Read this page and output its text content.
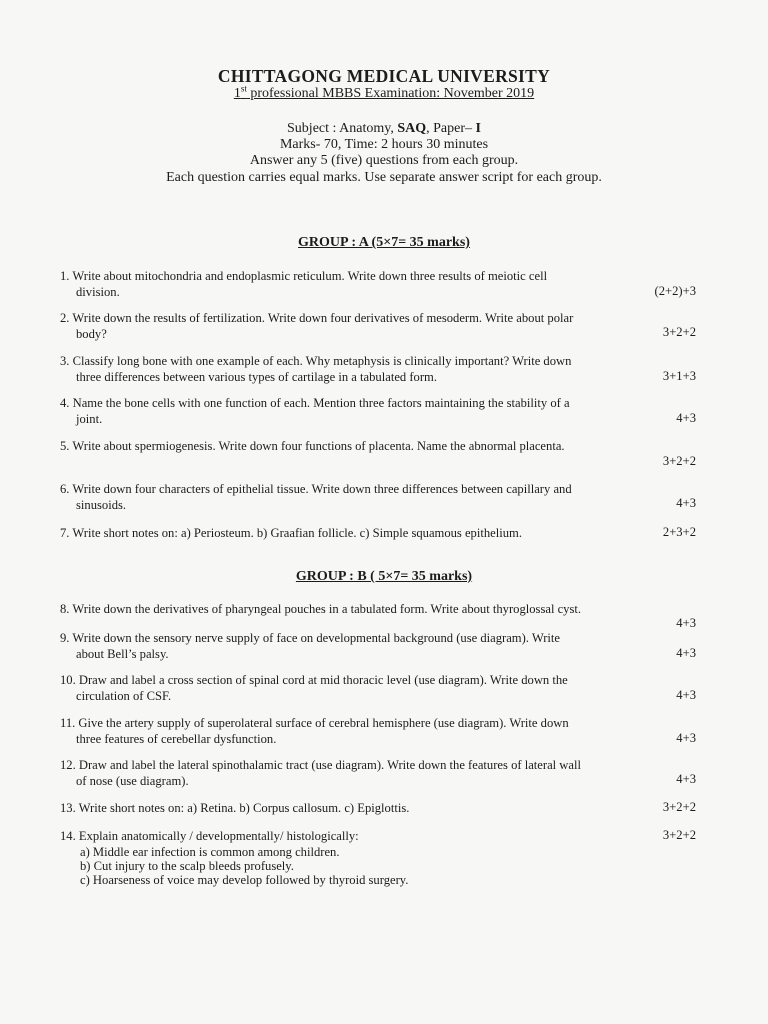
CHITTAGONG MEDICAL UNIVERSITY
1st professional MBBS Examination: November 2019
Subject : Anatomy, SAQ, Paper– I
Marks- 70, Time: 2 hours 30 minutes
Answer any 5 (five) questions from each group.
Each question carries equal marks. Use separate answer script for each group.
GROUP : A (5×7= 35 marks)
1. Write about mitochondria and endoplasmic reticulum. Write down three results of meiotic cell
division.	(2+2)+3
2. Write down the results of fertilization. Write down four derivatives of mesoderm. Write about polar
body?	3+2+2
3. Classify long bone with one example of each. Why metaphysis is clinically important? Write down
three differences between various types of cartilage in a tabulated form.	3+1+3
4. Name the bone cells with one function of each. Mention three factors maintaining the stability of a
joint.	4+3
5. Write about spermiogenesis. Write down four functions of placenta. Name the abnormal placenta.
3+2+2
6. Write down four characters of epithelial tissue. Write down three differences between capillary and
sinusoids.	4+3
7. Write short notes on: a) Periosteum. b) Graafian follicle. c) Simple squamous epithelium.	2+3+2
GROUP : B ( 5×7= 35 marks)
8. Write down the derivatives of pharyngeal pouches in a tabulated form. Write about thyroglossal cyst.
4+3
9. Write down the sensory nerve supply of face on developmental background (use diagram). Write
about Bell’s palsy.	4+3
10. Draw and label a cross section of spinal cord at mid thoracic level (use diagram). Write down the
circulation of CSF.	4+3
11. Give the artery supply of superolateral surface of cerebral hemisphere (use diagram). Write down
three features of cerebellar dysfunction.	4+3
12. Draw and label the lateral spinothalamic tract (use diagram). Write down the features of lateral wall
of nose (use diagram).	4+3
13. Write short notes on: a) Retina. b) Corpus callosum. c) Epiglottis.	3+2+2
14. Explain anatomically / developmentally/ histologically:	3+2+2
a) Middle ear infection is common among children.
b) Cut injury to the scalp bleeds profusely.
c) Hoarseness of voice may develop followed by thyroid surgery.
